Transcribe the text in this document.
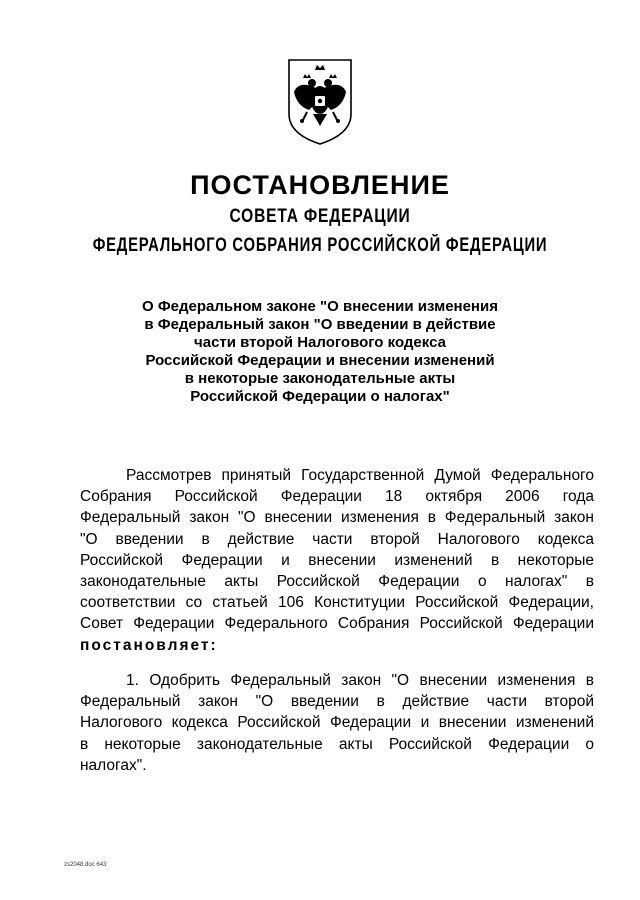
ПОСТАНОВЛЕНИЕ
СОВЕТА ФЕДЕРАЦИИ
ФЕДЕРАЛЬНОГО СОБРАНИЯ РОССИЙСКОЙ ФЕДЕРАЦИИ
О Федеральном законе "О внесении изменения
в Федеральный закон "О введении в действие
части второй Налогового кодекса
Российской Федерации и внесении изменений
в некоторые законодательные акты
Российской Федерации о налогах"
Рассмотрев принятый Государственной Думой Федерального
Собрания Российской Федерации 18 октября 2006 года
Федеральный закон "О внесении изменения в Федеральный закон
"О введении в действие части второй Налогового кодекса
Российской Федерации и внесении изменений в некоторые
законодательные акты Российской Федерации о налогах" в
соответствии со статьей 106 Конституции Российской Федерации,
Совет Федерации Федерального Собрания Российской Федерации
постановляет:
1. Одобрить Федеральный закон "О внесении изменения в
Федеральный закон "О введении в действие части второй
Налогового кодекса Российской Федерации и внесении изменений
в некоторые законодательные акты Российской Федерации о
налогах".
zs2048.doc 643
